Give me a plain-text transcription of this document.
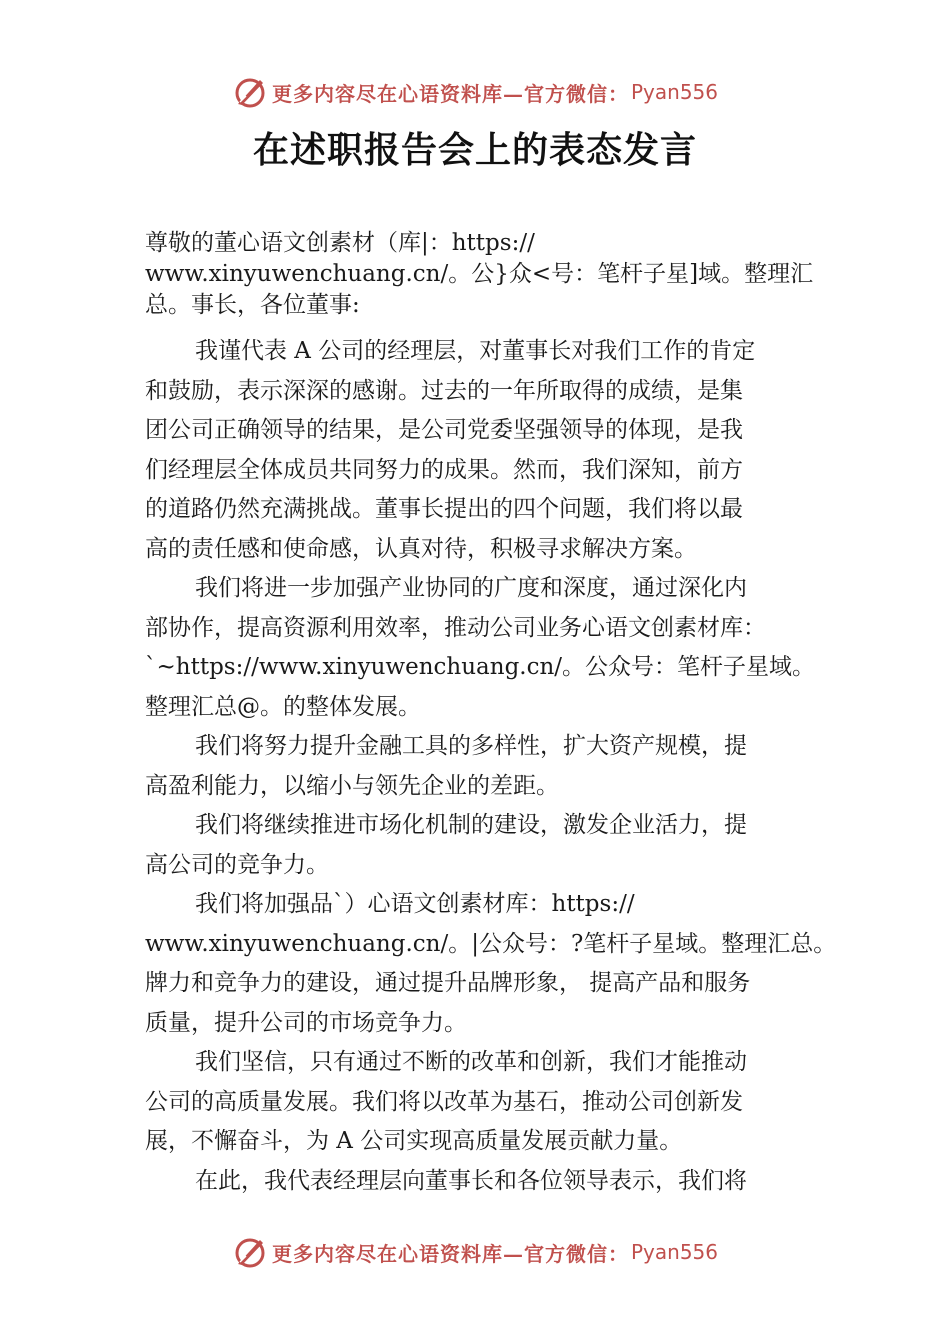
更多内容尽在心语资料库—官方微信： Pyan556
在述职报告会上的表态发言
尊敬的董心语文创素材（库|：https://
www.xinyuwenchuang.cn/。公}众<号：笔杆子星]域。整理汇
总。事长，各位董事:
我谨代表 A 公司的经理层，对董事长对我们工作的肯定
和鼓励，表示深深的感谢。过去的一年所取得的成绩，是集
团公司正确领导的结果，是公司党委坚强领导的体现，是我
们经理层全体成员共同努力的成果。然而，我们深知，前方
的道路仍然充满挑战。董事长提出的四个问题，我们将以最
高的责任感和使命感，认真对待，积极寻求解决方案。
我们将进一步加强产业协同的广度和深度，通过深化内
部协作，提高资源利用效率，推动公司业务心语文创素材库：
`~https://www.xinyuwenchuang.cn/。公众号：笔杆子星域。
整理汇总@。的整体发展。
我们将努力提升金融工具的多样性，扩大资产规模，提
高盈利能力，以缩小与领先企业的差距。
我们将继续推进市场化机制的建设，激发企业活力，提
高公司的竞争力。
我们将加强品`）心语文创素材库：https://
www.xinyuwenchuang.cn/。|公众号：?笔杆子星域。整理汇总。
牌力和竞争力的建设，通过提升品牌形象， 提高产品和服务
质量，提升公司的市场竞争力。
我们坚信，只有通过不断的改革和创新，我们才能推动
公司的高质量发展。我们将以改革为基石，推动公司创新发
展，不懈奋斗，为 A 公司实现高质量发展贡献力量。
在此，我代表经理层向董事长和各位领导表示，我们将
更多内容尽在心语资料库—官方微信： Pyan556
